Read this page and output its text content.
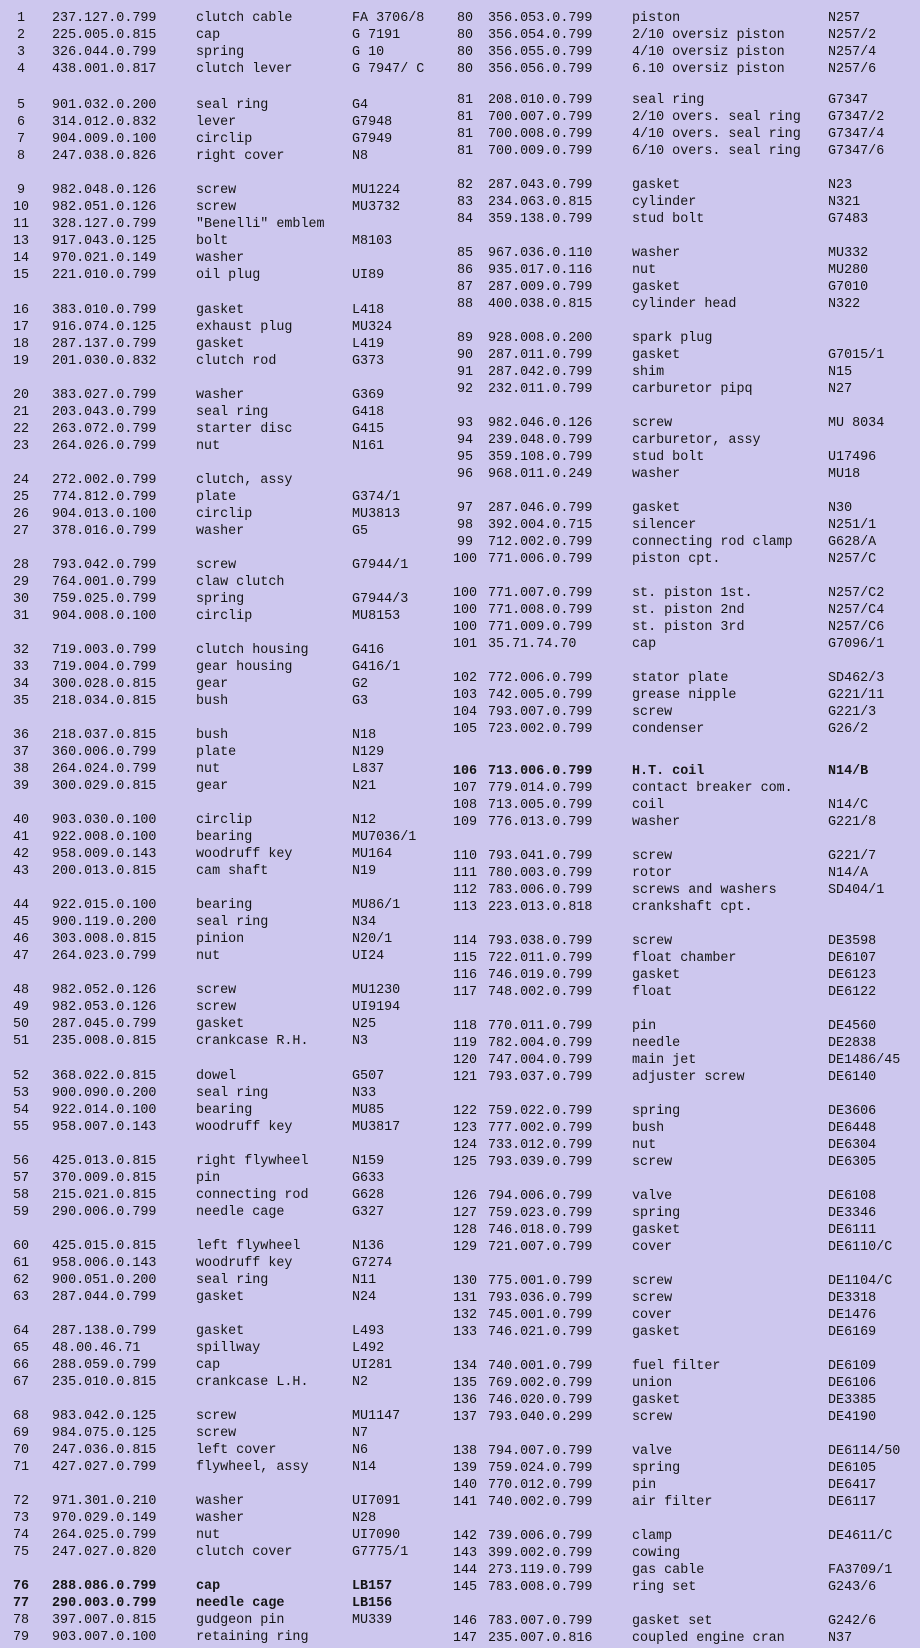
1	237.127.0.799	clutch cable	FA 3706/8
2	225.005.0.815	cap	G 7191
3	326.044.0.799	spring	G 10
4	438.001.0.817	clutch lever	G 7947/ C
5	901.032.0.200	seal ring	G4
6	314.012.0.832	lever	G7948
7	904.009.0.100	circlip	G7949
8	247.038.0.826	right cover	N8
9	982.048.0.126	screw	MU1224
10	982.051.0.126	screw	MU3732
11	328.127.0.799	"Benelli" emblem
13	917.043.0.125	bolt	M8103
14	970.021.0.149	washer
15	221.010.0.799	oil plug	UI89
16	383.010.0.799	gasket	L418
17	916.074.0.125	exhaust plug	MU324
18	287.137.0.799	gasket	L419
19	201.030.0.832	clutch rod	G373
20	383.027.0.799	washer	G369
21	203.043.0.799	seal ring	G418
22	263.072.0.799	starter disc	G415
23	264.026.0.799	nut	N161
24	272.002.0.799	clutch, assy
25	774.812.0.799	plate	G374/1
26	904.013.0.100	circlip	MU3813
27	378.016.0.799	washer	G5
28	793.042.0.799	screw	G7944/1
29	764.001.0.799	claw clutch
30	759.025.0.799	spring	G7944/3
31	904.008.0.100	circlip	MU8153
32	719.003.0.799	clutch housing	G416
33	719.004.0.799	gear housing	G416/1
34	300.028.0.815	gear	G2
35	218.034.0.815	bush	G3
36	218.037.0.815	bush	N18
37	360.006.0.799	plate	N129
38	264.024.0.799	nut	L837
39	300.029.0.815	gear	N21
40	903.030.0.100	circlip	N12
41	922.008.0.100	bearing	MU7036/1
42	958.009.0.143	woodruff key	MU164
43	200.013.0.815	cam shaft	N19
44	922.015.0.100	bearing	MU86/1
45	900.119.0.200	seal ring	N34
46	303.008.0.815	pinion	N20/1
47	264.023.0.799	nut	UI24
48	982.052.0.126	screw	MU1230
49	982.053.0.126	screw	UI9194
50	287.045.0.799	gasket	N25
51	235.008.0.815	crankcase R.H.	N3
52	368.022.0.815	dowel	G507
53	900.090.0.200	seal ring	N33
54	922.014.0.100	bearing	MU85
55	958.007.0.143	woodruff key	MU3817
56	425.013.0.815	right flywheel	N159
57	370.009.0.815	pin	G633
58	215.021.0.815	connecting rod	G628
59	290.006.0.799	needle cage	G327
60	425.015.0.815	left flywheel	N136
61	958.006.0.143	woodruff key	G7274
62	900.051.0.200	seal ring	N11
63	287.044.0.799	gasket	N24
64	287.138.0.799	gasket	L493
65	48.00.46.71	spillway	L492
66	288.059.0.799	cap	UI281
67	235.010.0.815	crankcase L.H.	N2
68	983.042.0.125	screw	MU1147
69	984.075.0.125	screw	N7
70	247.036.0.815	left cover	N6
71	427.027.0.799	flywheel, assy	N14
72	971.301.0.210	washer	UI7091
73	970.029.0.149	washer	N28
74	264.025.0.799	nut	UI7090
75	247.027.0.820	clutch cover	G7775/1
76	288.086.0.799	cap	LB157
77	290.003.0.799	needle cage	LB156
78	397.007.0.815	gudgeon pin	MU339
79	903.007.0.100	retaining ring
80	356.053.0.799	piston	N257
80	356.054.0.799	2/10 oversiz piston	N257/2
80	356.055.0.799	4/10 oversiz piston	N257/4
80	356.056.0.799	6.10 oversiz piston	N257/6
81	208.010.0.799	seal ring	G7347
81	700.007.0.799	2/10 overs. seal ring G7347/2
81	700.008.0.799	4/10 overs. seal ring G7347/4
81	700.009.0.799	6/10 overs. seal ring G7347/6
82	287.043.0.799	gasket	N23
83	234.063.0.815	cylinder	N321
84	359.138.0.799	stud bolt	G7483
85	967.036.0.110	washer	MU332
86	935.017.0.116	nut	MU280
87	287.009.0.799	gasket	G7010
88	400.038.0.815	cylinder head	N322
89	928.008.0.200	spark plug
90	287.011.0.799	gasket	G7015/1
91	287.042.0.799	shim	N15
92	232.011.0.799	carburetor pipq	N27
93	982.046.0.126	screw	MU 8034
94	239.048.0.799	carburetor, assy
95	359.108.0.799	stud bolt	U17496
96	968.011.0.249	washer	MU18
97	287.046.0.799	gasket	N30
98	392.004.0.715	silencer	N251/1
99	712.002.0.799	connecting rod clamp	G628/A
100 771.006.0.799	piston cpt.	N257/C
100 771.007.0.799	st. piston 1st.	N257/C2
100 771.008.0.799	st. piston 2nd	N257/C4
100 771.009.0.799	st. piston 3rd	N257/C6
101 35.71.74.70	cap	G7096/1
102 772.006.0.799	stator plate	SD462/3
103 742.005.0.799	grease nipple	G221/11
104 793.007.0.799	screw	G221/3
105 723.002.0.799	condenser	G26/2
106 713.006.0.799	H.T. coil	N14/B
107 779.014.0.799	contact breaker com.
108 713.005.0.799	coil	N14/C
109 776.013.0.799	washer	G221/8
110 793.041.0.799	screw	G221/7
111 780.003.0.799	rotor	N14/A
112 783.006.0.799	screws and washers	SD404/1
113 223.013.0.818	crankshaft cpt.
114 793.038.0.799	screw	DE3598
115 722.011.0.799	float chamber	DE6107
116 746.019.0.799	gasket	DE6123
117 748.002.0.799	float	DE6122
118 770.011.0.799	pin	DE4560
119 782.004.0.799	needle	DE2838
120 747.004.0.799	main jet	DE1486/45
121 793.037.0.799	adjuster screw	DE6140
122 759.022.0.799	spring	DE3606
123 777.002.0.799	bush	DE6448
124 733.012.0.799	nut	DE6304
125 793.039.0.799	screw	DE6305
126 794.006.0.799	valve	DE6108
127 759.023.0.799	spring	DE3346
128 746.018.0.799	gasket	DE6111
129 721.007.0.799	cover	DE6110/C
130 775.001.0.799	screw	DE1104/C
131 793.036.0.799	screw	DE3318
132 745.001.0.799	cover	DE1476
133 746.021.0.799	gasket	DE6169
134 740.001.0.799	fuel filter	DE6109
135 769.002.0.799	union	DE6106
136 746.020.0.799	gasket	DE3385
137 793.040.0.299	screw	DE4190
138 794.007.0.799	valve	DE6114/50
139 759.024.0.799	spring	DE6105
140 770.012.0.799	pin	DE6417
141 740.002.0.799	air filter	DE6117
142 739.006.0.799	clamp	DE4611/C
143 399.002.0.799	cowing
144 273.119.0.799	gas cable	FA3709/1
145 783.008.0.799	ring set	G243/6
146 783.007.0.799	gasket set	G242/6
147 235.007.0.816	coupled engine cran	N37
